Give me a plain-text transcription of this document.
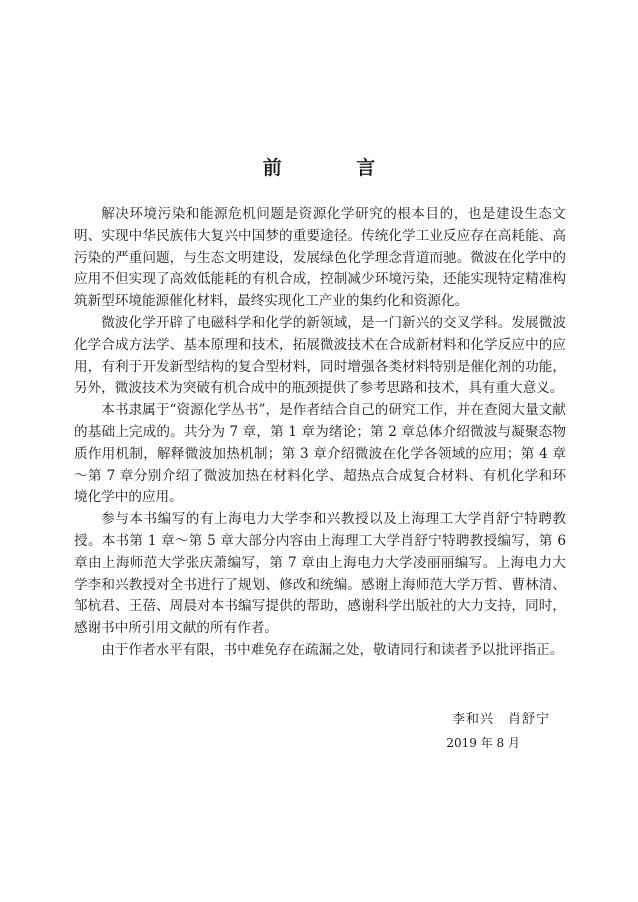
前 言

解决环境污染和能源危机问题是资源化学研究的根本目的，也是建设生态文明、实现中华民族伟大复兴中国梦的重要途径。传统化学工业反应存在高耗能、高污染的严重问题，与生态文明建设，发展绿色化学理念背道而驰。微波在化学中的应用不但实现了高效低能耗的有机合成，控制减少环境污染，还能实现特定精准构筑新型环境能源催化材料，最终实现化工产业的集约化和资源化。

微波化学开辟了电磁科学和化学的新领域，是一门新兴的交叉学科。发展微波化学合成方法学、基本原理和技术，拓展微波技术在合成新材料和化学反应中的应用，有利于开发新型结构的复合型材料，同时增强各类材料特别是催化剂的功能，另外，微波技术为突破有机合成中的瓶颈提供了参考思路和技术，具有重大意义。

本书隶属于“资源化学丛书”，是作者结合自己的研究工作，并在查阅大量文献的基础上完成的。共分为 7 章，第 1 章为绪论；第 2 章总体介绍微波与凝聚态物质作用机制，解释微波加热机制；第 3 章介绍微波在化学各领域的应用；第 4 章～第 7 章分别介绍了微波加热在材料化学、超热点合成复合材料、有机化学和环境化学中的应用。

参与本书编写的有上海电力大学李和兴教授以及上海理工大学肖舒宁特聘教授。本书第 1 章～第 5 章大部分内容由上海理工大学肖舒宁特聘教授编写，第 6 章由上海师范大学张庆萧编写，第 7 章由上海电力大学凌丽丽编写。上海电力大学李和兴教授对全书进行了规划、修改和统编。感谢上海师范大学万哲、曹林清、邹杭君、王蓓、周晨对本书编写提供的帮助，感谢科学出版社的大力支持，同时，感谢书中所引用文献的所有作者。

由于作者水平有限，书中难免存在疏漏之处，敬请同行和读者予以批评指正。

李和兴　肖舒宁
2019 年 8 月
